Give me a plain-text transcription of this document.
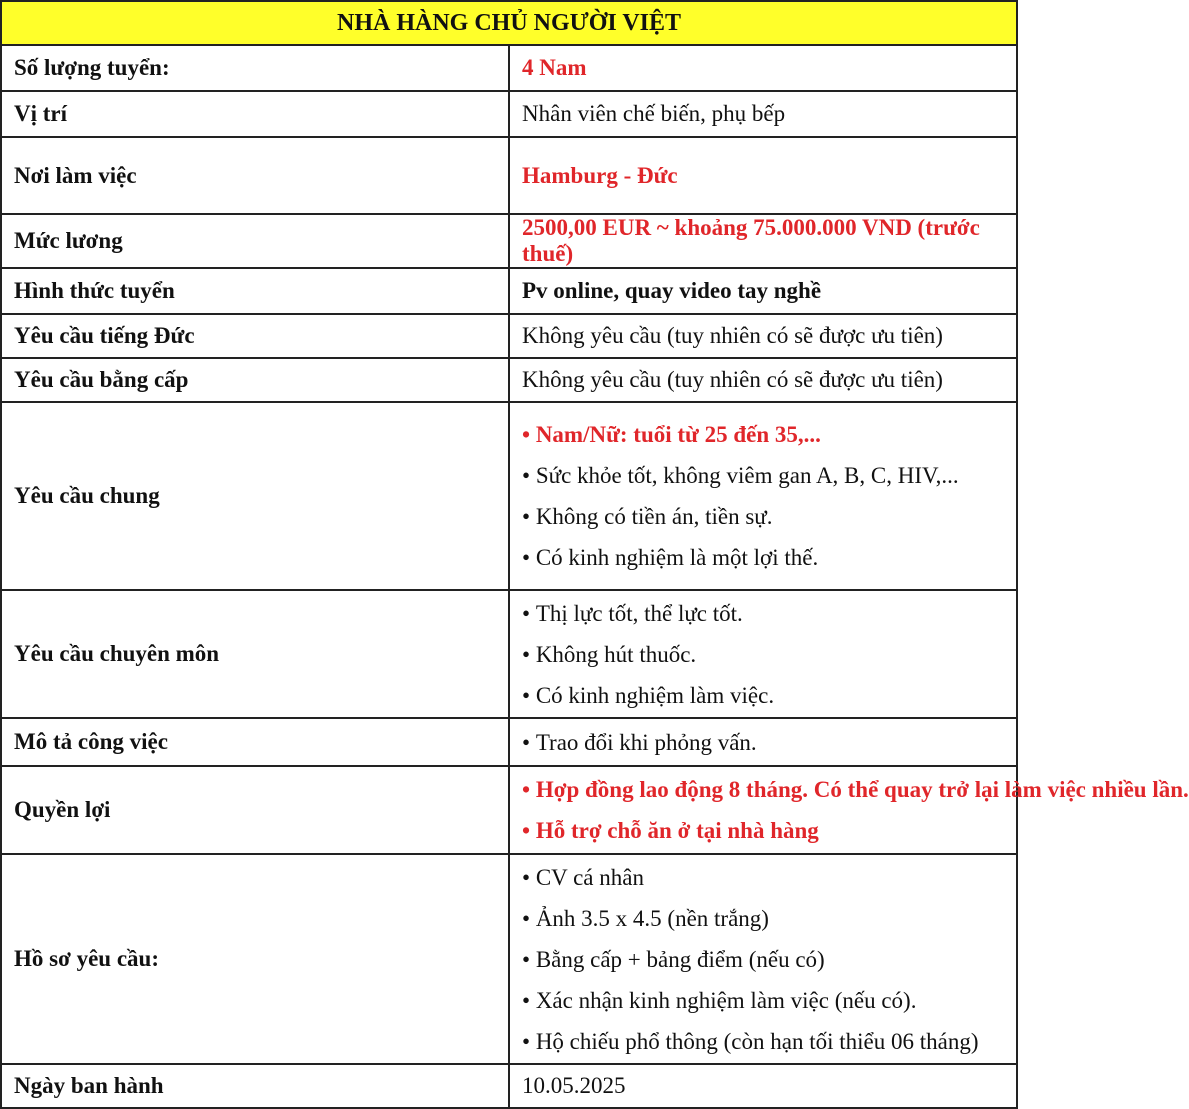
NHÀ HÀNG CHỦ NGƯỜI VIỆT	
Số lượng tuyển:	4 Nam
Vị trí	Nhân viên chế biến, phụ bếp
Nơi làm việc	Hamburg - Đức
Mức lương	2500,00 EUR ~ khoảng 75.000.000 VND (trước thuế)
Hình thức tuyển	Pv online, quay video tay nghề
Yêu cầu tiếng Đức	Không yêu cầu (tuy nhiên có sẽ được ưu tiên)
Yêu cầu bằng cấp	Không yêu cầu (tuy nhiên có sẽ được ưu tiên)
Yêu cầu chung	• Nam/Nữ: tuổi từ 25 đến 35,...
• Sức khỏe tốt, không viêm gan A, B, C, HIV,...
• Không có tiền án, tiền sự.
• Có kinh nghiệm là một lợi thế.

Yêu cầu chuyên môn	• Thị lực tốt, thể lực tốt.
• Không hút thuốc.
• Có kinh nghiệm làm việc.

Mô tả công việc	• Trao đổi khi phỏng vấn.

Quyền lợi	• Hợp đồng lao động 8 tháng. Có thể quay trở lại làm việc nhiều lần.
• Hỗ trợ chỗ ăn ở tại nhà hàng

Hồ sơ yêu cầu:	• CV cá nhân
• Ảnh 3.5 x 4.5 (nền trắng)
• Bằng cấp + bảng điểm (nếu có)
• Xác nhận kinh nghiệm làm việc (nếu có).
• Hộ chiếu phổ thông (còn hạn tối thiểu 06 tháng)

Ngày ban hành	10.05.2025
